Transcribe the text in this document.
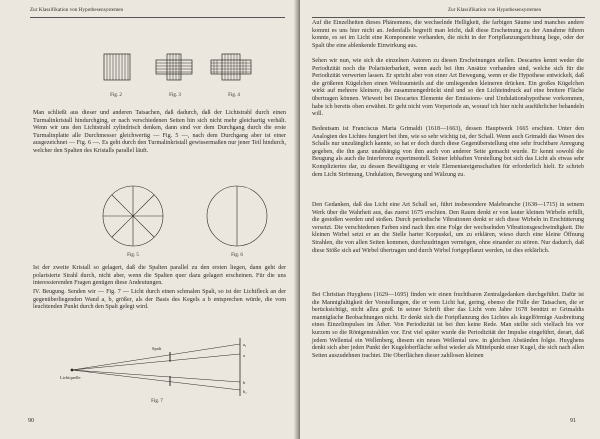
Zur Klassifikation von Hypothesensystemen
Fig. 2	Fig. 3	Fig. 4
Man schließt aus dieser und anderen Tatsachen, daß dadurch, daß der Lichtstrahl durch einen Turmalinkristall hindurchging, er nach verschiedenen Seiten hin sich nicht mehr gleichartig verhält. Wenn wir uns den Lichtstrahl zylindrisch denken, dann sind vor dem Durchgang durch die erste Turmalinplatte alle Durchmesser gleichwertig — Fig. 5 —, nach dem Durchgang aber ist einer ausgezeichnet — Fig. 6 —. Es geht durch den Turmalinkristall gewissermaßen nur jener Teil hindurch, welcher den Spalten des Kristalls parallel läuft.
Fig. 5	Fig. 6
Ist der zweite Kristall so gelagert, daß die Spalten parallel zu den ersten liegen, dann geht der polarisierte Strahl durch, nicht aber, wenn die Spalten quer dazu gelagert erscheinen. Für die uns interessierenden Fragen genügen diese Andeutungen.
IV. Beugung. Senden wir — Fig. 7 — Licht durch einen schmalen Spalt, so ist der Lichtfleck an der gegenüberliegenden Wand a, b, größer, als der Basis des Kegels a b entsprechen würde, die vom leuchtenden Punkt durch den Spalt gelegt wird.
Spalt
Lichtquelle
a₁
a
b
b₁
Fig. 7
90
Zur Klassifikation von Hypothesensystemen
Auf die Einzelheiten dieses Phänomens, die wechselnde Helligkeit, die farbigen Säume und manches andere kommt es uns hier nicht an. Jedenfalls begreift man leicht, daß diese Erscheinung zu der Annahme führen konnte, es sei im Licht eine Komponente vorhanden, die nicht in der Fortpflanzungsrichtung liege, oder der Spalt übe eine ablenkende Einwirkung aus.
Sehen wir nun, wie sich die einzelnen Autoren zu diesen Erscheinungen stellen. Descartes kennt weder die Periodizität noch die Polarisierbarkeit, wenn auch bei ihm Ansätze vorhanden sind, welche sich für die Periodizität verwerten lassen. Er spricht aber von einer Art Bewegung, wenn er die Hypothese entwickelt, daß die größeren Kügelchen einen Weltraumteils auf die umliegenden kleineren drücken. Ein großes Kügelchen wirkt auf mehrere kleinere, die zusammengedrückt sind und so den Lichteindruck auf eine breitere Fläche übertragen können. Wieweit bei Descartes Elemente der Emissions- und Undulationshypothese vorkommen, habe ich bereits oben erwähnt. Er geht nicht vom Vorperiode an, worauf ich hier nicht ausführlicher behandeln will.
Bedeutsam ist Franciscus Maria Grimaldi (1618—1663), dessen Hauptwerk 1665 erschien. Unter den Analogien des Lichtes fungiert bei ihm, wie so sehr wichtig ist, der Schall. Wenn auch Grimaldi das Wesen des Schalls nur unzulänglich kannte, so hat er doch durch diese Gegenüberstellung eine sehr fruchtbare Anregung gegeben, die ihn ganz unabhängig von ihm auch von anderer Seite gemacht wurde. Er kennt sowohl die Beugung als auch die Interferenz experimentell. Seiner lebhaften Vorstellung bot sich das Licht als etwas sehr Kompliziertes dar, zu dessen Bewältigung er viele Elementareigenschaften für erforderlich hielt. Er schrieb dem Licht Strömung, Undulation, Bewegung und Wälzung zu.
Den Gedanken, daß das Licht eine Art Schall sei, führt insbesondere Malebranche (1638—1715) in seinem Werk über die Wahrheit aus, das zuerst 1675 erschien. Den Raum denkt er von lauter kleinen Wirbeln erfüllt, die gestoßen werden und stoßen. Durch periodische Vibrationen denkt er sich diese Wirbeln in Erschütterung versetzt. Die verschiedenen Farben sind nach ihm eine Folge der wechselnden Vibrationsgeschwindigkeit. Die kleinen Wirbel setzt er an die Stelle harter Korpuskel, um zu erklären, wieso durch eine kleine Öffnung Strahlen, die von allen Seiten kommen, durchzudringen vermögen, ohne einander zu stören. Nur dadurch, daß diese Stöße sich auf Wirbel übertragen und durch Wirbel fortgepflanzt werden, ist dies erklärlich.
Bei Christian Huyghens (1629—1695) finden wir einen fruchtbaren Zentralgedanken durchgeführt. Dafür ist die Mannigfaltigkeit der Vorstellungen, die er vom Licht hat, gering, ebenso die Fülle der Tatsachen, die er berücksichtigt, nicht allzu groß. In seiner Schrift über das Licht vom Jahre 1678 benützt er Grimaldis mannigfache Beobachtungen nicht. Er denkt sich die Fortpflanzung des Lichtes als kugelförmige Ausbreitung eines Einzelimpulses im Äther. Von Periodizität ist bei ihm keine Rede. Man stellte sich vielfach bis vor kurzem so die Röntgenstrahlen vor. Erst viel später wurde die Periodizität der Impulse eingeführt, derart, daß jedem Wellental ein Wellenberg, diesem ein neues Wellental usw. in gleichen Abständen folgte. Huyghens denkt sich aber jeden Punkt der Kugeloberfläche selbst wieder als Mittelpunkt einer Kugel, die sich nach allen Seiten auszudehnen trachtet. Die Oberflächen dieser zahllosen kleinen
91
